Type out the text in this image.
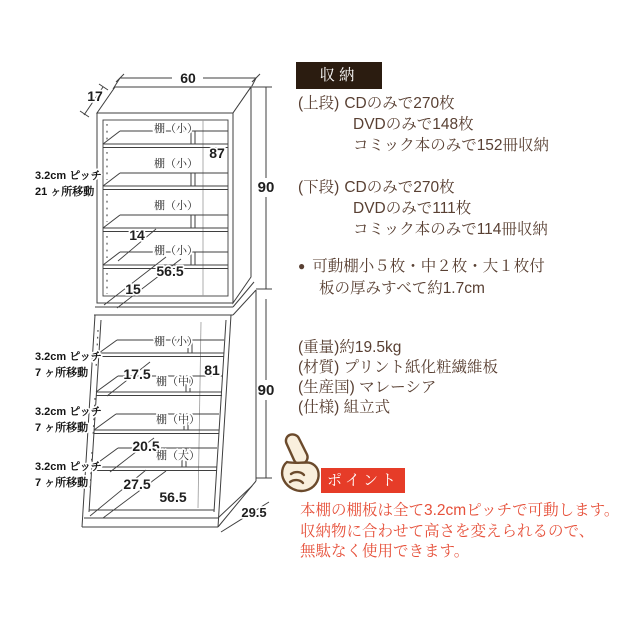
60
17
90
90
87
14
56.5
15
17.5	81
20.5
27.5
56.5
29.5
棚（小）
棚（小）
棚（小）
棚（小）
棚（小）
棚（中）
棚（中）
棚（大）
3.2cm ピッチ
21 ヶ所移動
3.2cm ピッチ
7 ヶ所移動
3.2cm ピッチ
7 ヶ所移動
3.2cm ピッチ
7 ヶ所移動
収納
(上段) CDのみで270枚
DVDのみで148枚
コミック本のみで152冊収納
(下段) CDのみで270枚
DVDのみで111枚
コミック本のみで114冊収納
● 可動棚小５枚・中２枚・大１枚付
板の厚みすべて約1.7cm
(重量)約19.5kg
(材質) プリント紙化粧繊維板
(生産国) マレーシア
(仕様) 組立式
ポイント
本棚の棚板は全て3.2cmピッチで可動します。
収納物に合わせて高さを変えられるので、
無駄なく使用できます。
